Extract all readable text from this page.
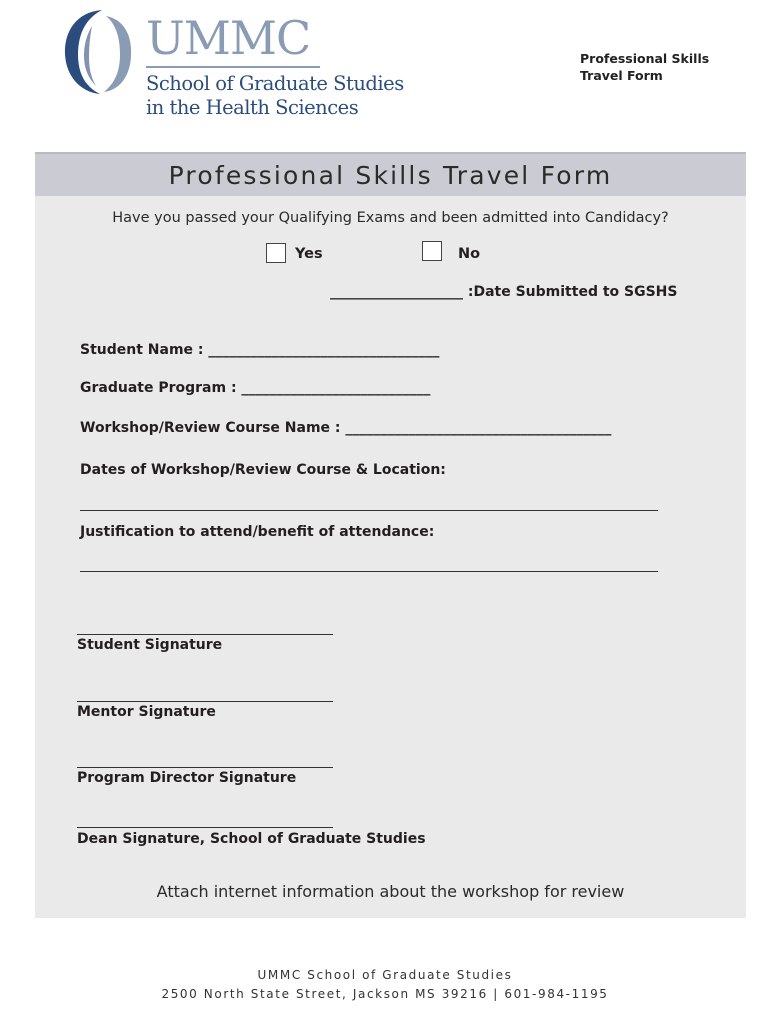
UMMC
School of Graduate Studies
in the Health Sciences
Professional Skills
Travel Form
Professional Skills Travel Form
Have you passed your Qualifying Exams and been admitted into Candidacy?
Yes	No
___________________ :Date Submitted to SGSHS
Student Name : _________________________________
Graduate Program : ___________________________
Workshop/Review Course Name : ______________________________________
Dates of Workshop/Review Course & Location:
Justification to attend/benefit of attendance:
Student Signature
Mentor Signature
Program Director Signature
Dean Signature, School of Graduate Studies
Attach internet information about the workshop for review
UMMC School of Graduate Studies
2500 North State Street, Jackson MS 39216 | 601-984-1195
